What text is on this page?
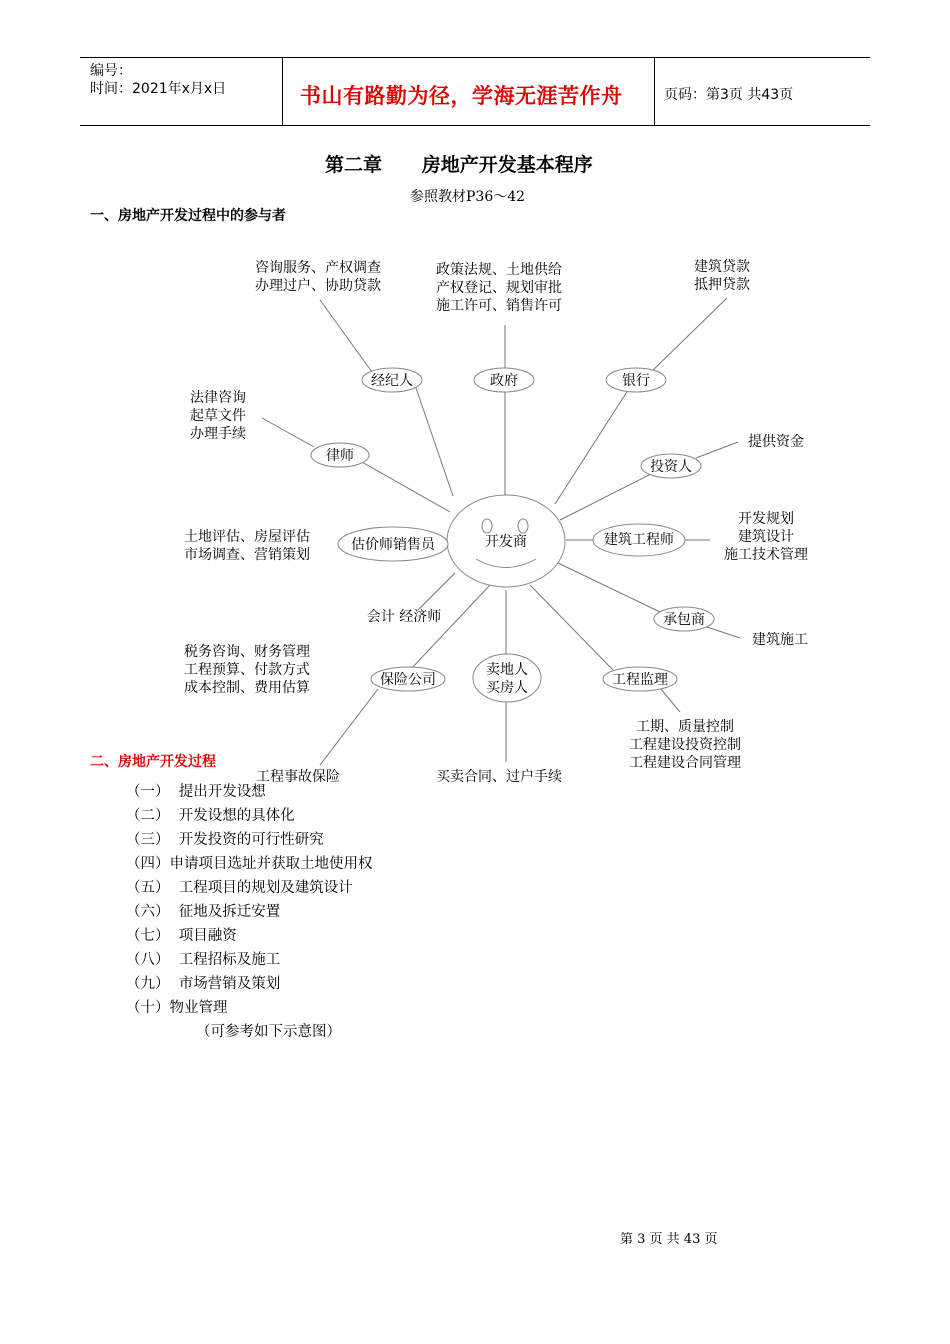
编号：
时间：2021年x月x日	书山有路勤为径，学海无涯苦作舟	页码：第3页 共43页
第二章      房地产开发基本程序
参照教材P36～42
一、房地产开发过程中的参与者
开发商
经纪人	政府	银行
律师
投资人
估价师销售员	建筑工程师
会计 经济师	承包商
保险公司
卖地人
买房人	工程监理
咨询服务、产权调查
办理过户、协助贷款
政策法规、土地供给
产权登记、规划审批
施工许可、销售许可
建筑贷款
抵押贷款
法律咨询
起草文件
办理手续	提供资金
土地评估、房屋评估
市场调查、营销策划
开发规划
建筑设计
施工技术管理
税务咨询、财务管理
工程预算、付款方式
成本控制、费用估算
建筑施工
工程事故保险	买卖合同、过户手续
工期、质量控制
工程建设投资控制
工程建设合同管理
二、房地产开发过程
（一）  提出开发设想
（二）  开发设想的具体化
（三）  开发投资的可行性研究
（四）申请项目选址并获取土地使用权
（五）  工程项目的规划及建筑设计
（六）  征地及拆迁安置
（七）  项目融资
（八）  工程招标及施工
（九）  市场营销及策划
（十）物业管理
（可参考如下示意图）
第 3 页 共 43 页
